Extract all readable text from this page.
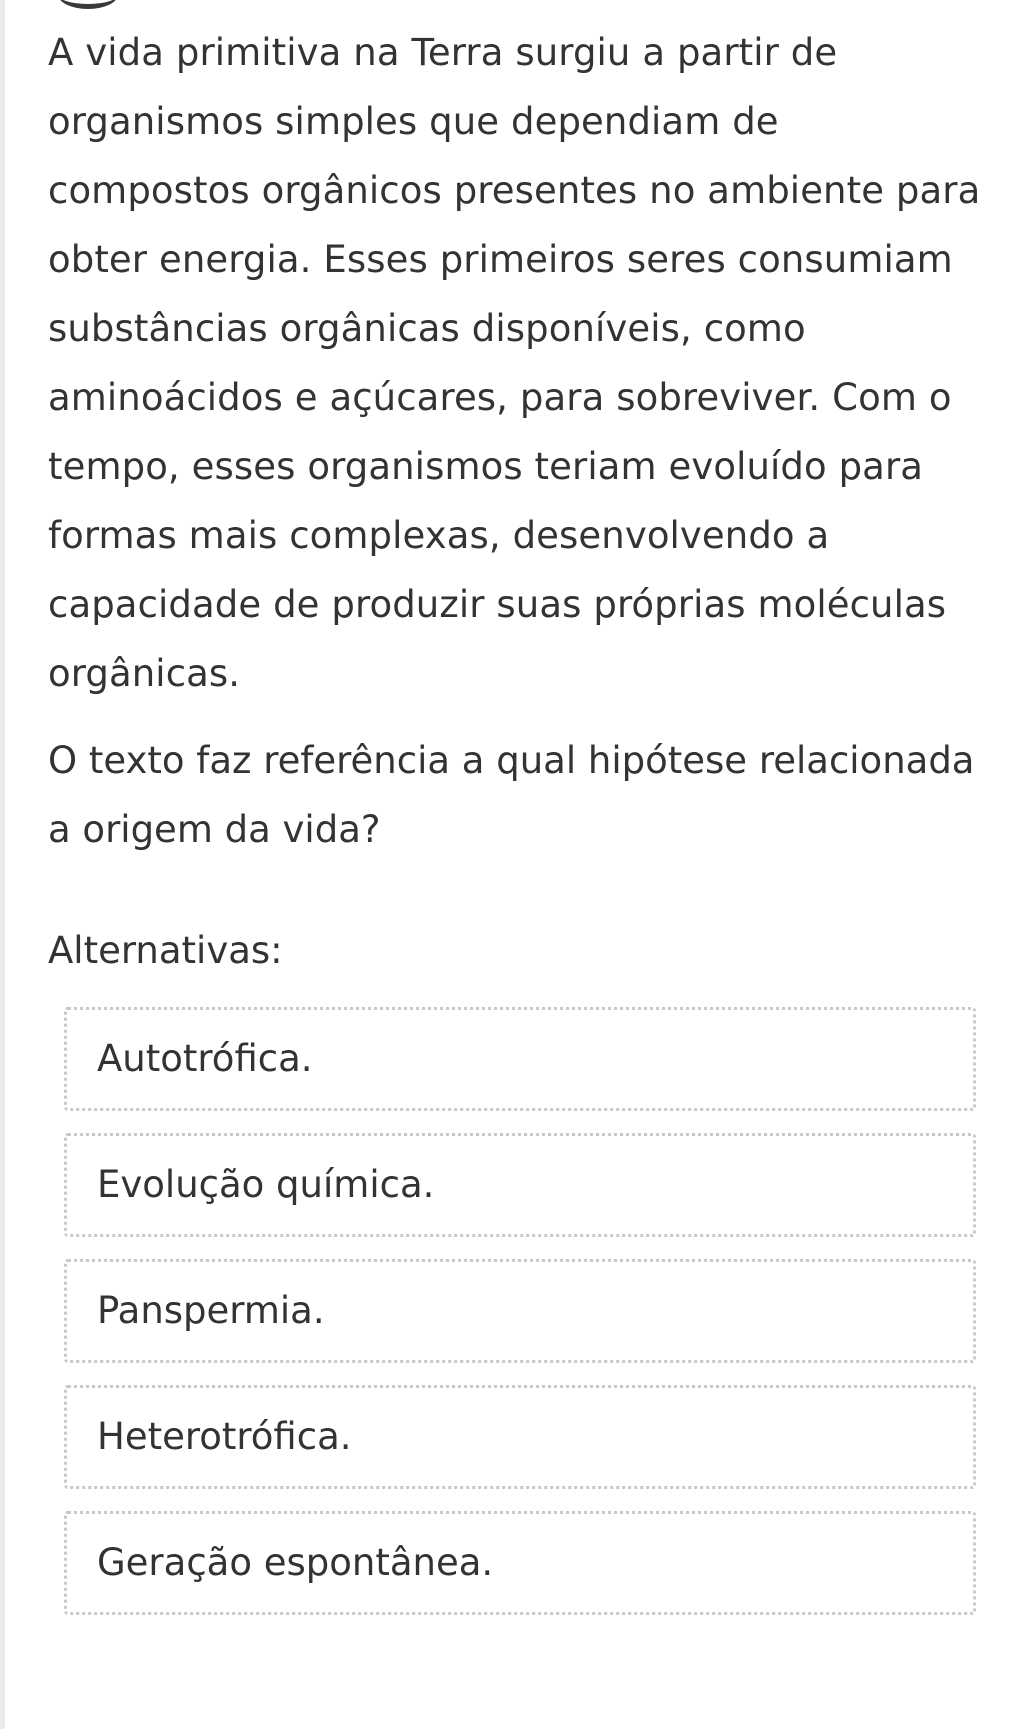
A vida primitiva na Terra surgiu a partir de organismos simples que dependiam de compostos orgânicos presentes no ambiente para obter energia. Esses primeiros seres consumiam substâncias orgânicas disponíveis, como aminoácidos e açúcares, para sobreviver. Com o tempo, esses organismos teriam evoluído para formas mais complexas, desenvolvendo a capacidade de produzir suas próprias moléculas orgânicas.

O texto faz referência a qual hipótese relacionada a origem da vida?

Alternativas:

Autotrófica.
Evolução química.
Panspermia.
Heterotrófica.
Geração espontânea.
